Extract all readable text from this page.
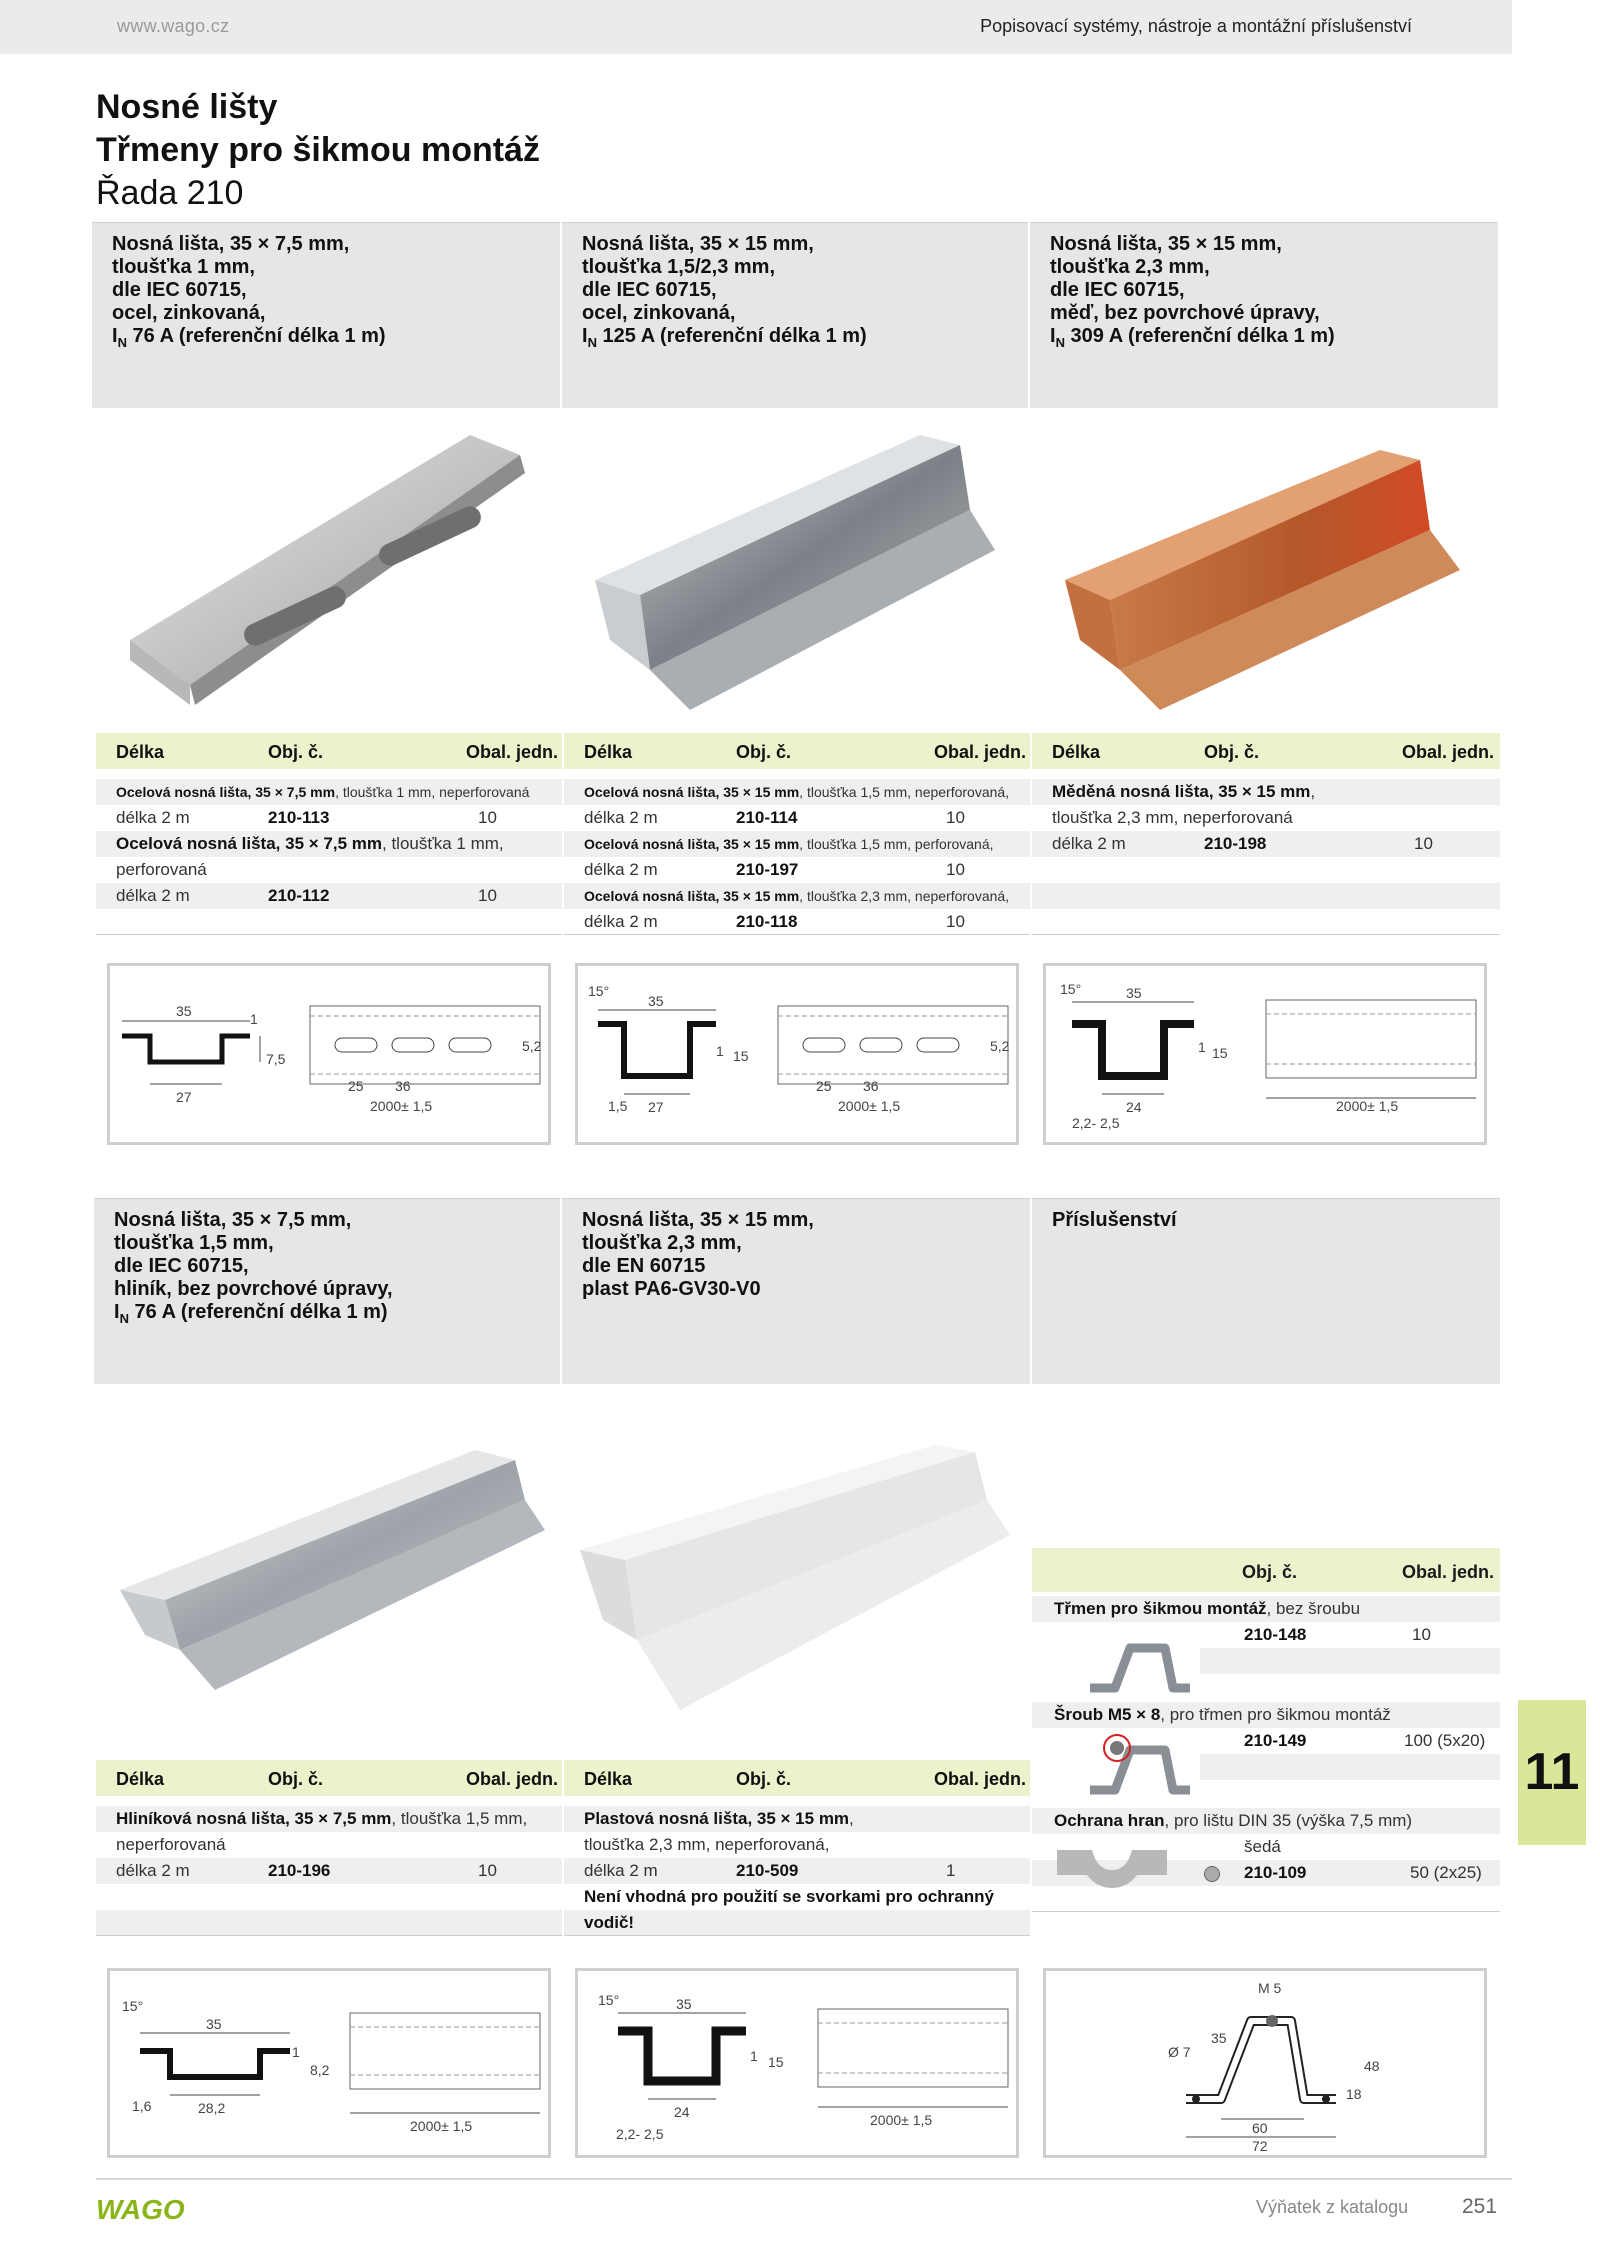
www.wago.cz	Popisovací systémy, nástroje a montážní příslušenství
Nosné lišty
Třmeny pro šikmou montáž
Řada 210
Nosná lišta, 35 × 7,5 mm,
tloušťka 1 mm,
dle IEC 60715,
ocel, zinkovaná,
$I_N$ 76 A (referenční délka 1 m)
Nosná lišta, 35 × 15 mm,
tloušťka 1,5/2,3 mm,
dle IEC 60715,
ocel, zinkovaná,
$I_N$ 125 A (referenční délka 1 m)
Nosná lišta, 35 × 15 mm,
tloušťka 2,3 mm,
dle IEC 60715,
měď, bez povrchové úpravy,
$I_N$ 309 A (referenční délka 1 m)
Délka	Obj. č.	Obal. jedn.
Ocelová nosná lišta, 35 × 7,5 mm, tloušťka 1 mm, neperforovaná
délka 2 m	210-113	10
Ocelová nosná lišta, 35 × 7,5 mm, tloušťka 1 mm,
perforovaná
délka 2 m	210-112	10
Délka	Obj. č.	Obal. jedn.
Ocelová nosná lišta, 35 × 15 mm, tloušťka 1,5 mm, neperforovaná,
délka 2 m	210-114	10
Ocelová nosná lišta, 35 × 15 mm, tloušťka 1,5 mm, perforovaná,
délka 2 m	210-197	10
Ocelová nosná lišta, 35 × 15 mm, tloušťka 2,3 mm, neperforovaná,
délka 2 m	210-118	10
Délka	Obj. č.	Obal. jedn.
Měděná nosná lišta, 35 × 15 mm,
tloušťka 2,3 mm, neperforovaná
délka 2 m	210-198	10
35
27
7,5
1
5,2
25 36
2000± 1,5
35
15°
27
1 15
1,5
5,2
25 36
2000± 1,5
35
15°
24
1 15
2,2- 2,5
2000± 1,5
Nosná lišta, 35 × 7,5 mm,
tloušťka 1,5 mm,
dle IEC 60715,
hliník, bez povrchové úpravy,
$I_N$ 76 A (referenční délka 1 m)
Nosná lišta, 35 × 15 mm,
tloušťka 2,3 mm,
dle EN 60715
plast PA6-GV30-V0
Příslušenství
Délka	Obj. č.	Obal. jedn.
Hliníková nosná lišta, 35 × 7,5 mm, tloušťka 1,5 mm,
neperforovaná
délka 2 m	210-196	10
Délka	Obj. č.	Obal. jedn.
Plastová nosná lišta, 35 × 15 mm,
tloušťka 2,3 mm, neperforovaná,
délka 2 m	210-509	1
Není vhodná pro použití se svorkami pro ochranný
vodič!
Obj. č.	Obal. jedn.
Třmen pro šikmou montáž, bez šroubu
210-148	10
Šroub M5 × 8, pro třmen pro šikmou montáž
210-149	100 (5x20)
Ochrana hran, pro lištu DIN 35 (výška 7,5 mm)
šedá
210-109	50 (2x25)
35
15°
28,2
1
8,2
1,6
2000± 1,5
35
15°
24
1 15
2,2- 2,5
2000± 1,5
M 5
Ø 7
35
18
48
60
72
11
WAGO	Výňatek z katalogu	251
